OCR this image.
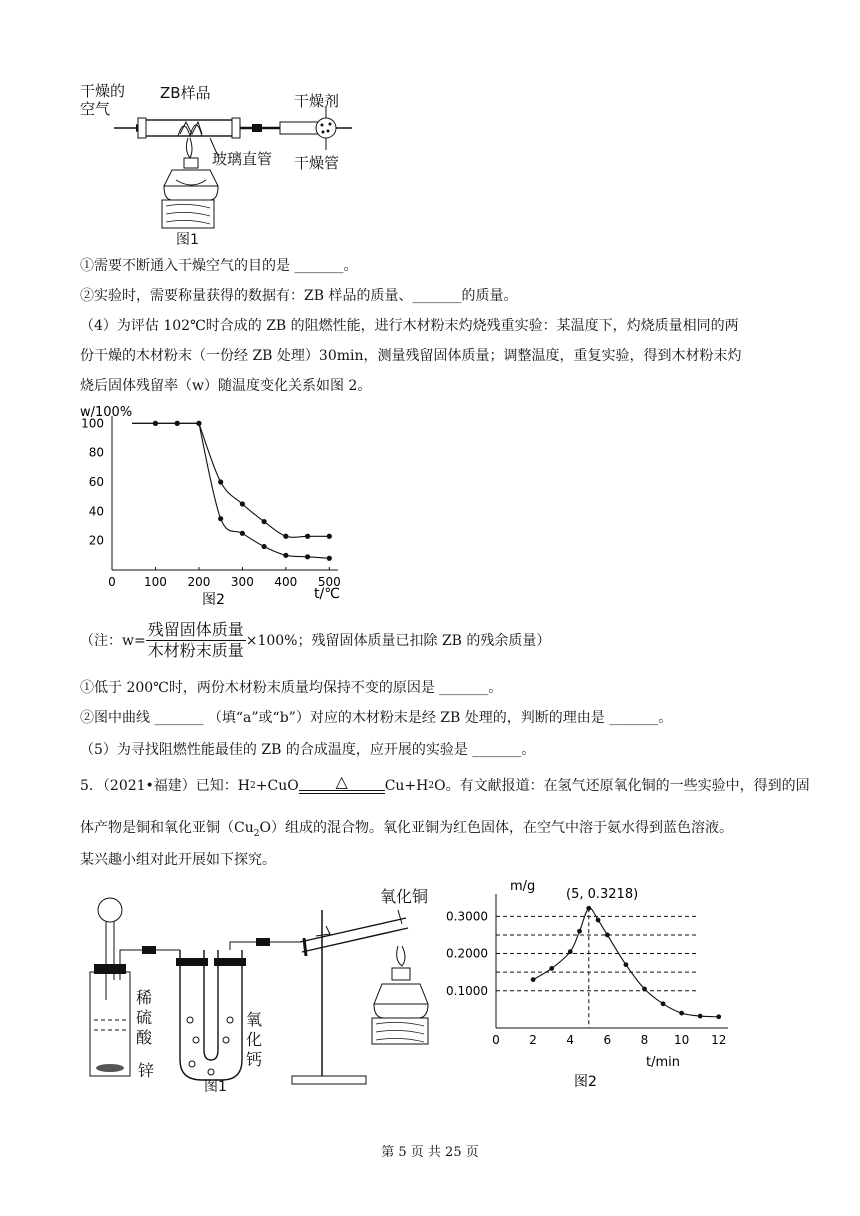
干燥的空气
ZB样品	干燥剂
玻璃直管 干燥管
图1
①需要不断通入干燥空气的目的是 _______。
②实验时，需要称量获得的数据有：ZB 样品的质量、_______的质量。
（4）为评估 102℃时合成的 ZB 的阻燃性能，进行木材粉末灼烧残重实验：某温度下，灼烧质量相同的两
份干燥的木材粉末（一份经 ZB 处理）30min，测量残留固体质量；调整温度，重复实验，得到木材粉末灼
烧后固体残留率（w）随温度变化关系如图 2。
w/100%
t/℃
图2
0 100 200 300 400 500
20
40
60
80
100
（注：$w= \frac{\text{残留固体质量}}{\text{木材粉末质量}} \times 100\%$；残留固体质量已扣除 ZB 的残余质量）
①低于 200℃时，两份木材粉末质量均保持不变的原因是 _______。
②图中曲线 _______ （填“a”或“b”）对应的木材粉末是经 ZB 处理的，判断的理由是 _______。
（5）为寻找阻燃性能最佳的 ZB 的合成温度，应开展的实验是 _______。
5．（2021•福建）已知：H 2 +CuO	△	Cu+H 2 O。有文献报道：在氢气还原氧化铜的一些实验中，得到的固
体产物是铜和氧化亚铜$(Cu_2O)$组成的混合物。氧化亚铜为红色固体，在空气中溶于氨水得到蓝色溶液。
某兴趣小组对此开展如下探究。
稀硫酸
锌
氧化钙
氧化铜
图1
m/g
t/min
(5, 0.3218)
图2
0.1000
0.2000
0.3000
0 2 4 6 8 10 12
第 5 页 共 25 页
